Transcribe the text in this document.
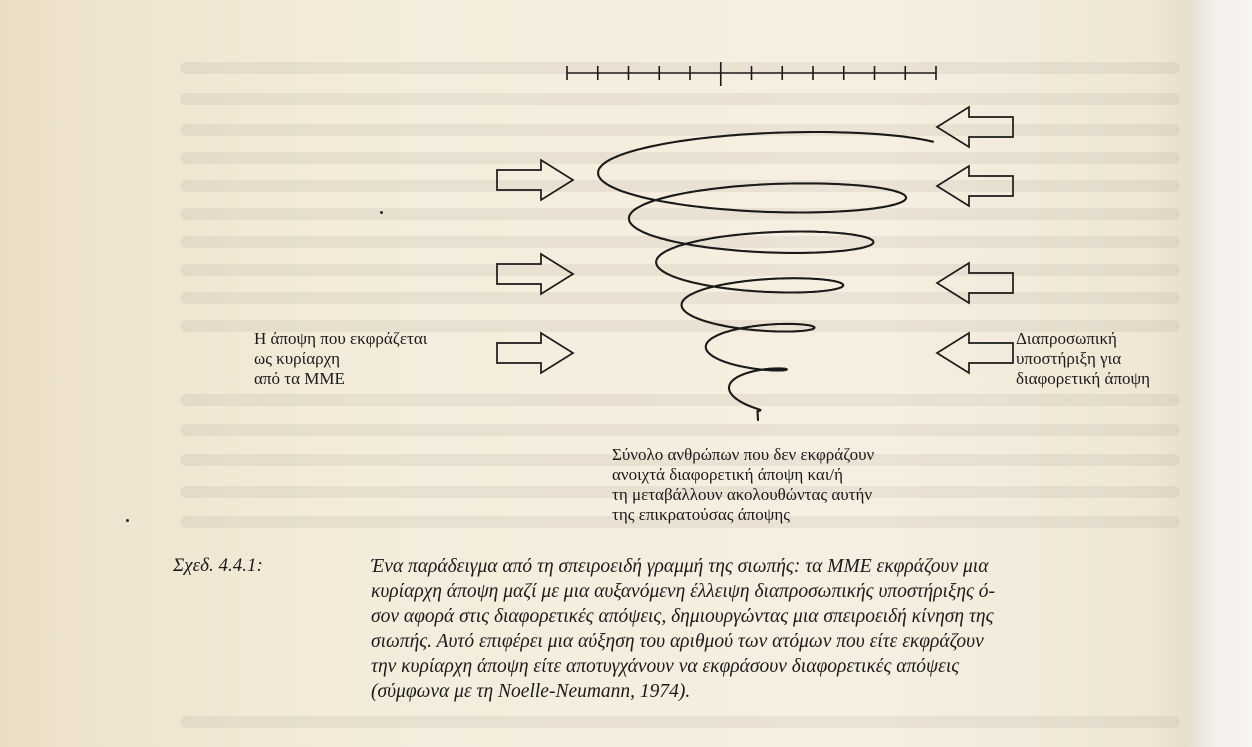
Η άποψη που εκφράζεται
ως κυρίαρχη
από τα ΜΜΕ
Διαπροσωπική
υποστήριξη για
διαφορετική άποψη
Σύνολο ανθρώπων που δεν εκφράζουν
ανοιχτά διαφορετική άποψη και/ή
τη μεταβάλλουν ακολουθώντας αυτήν
της επικρατούσας άποψης
Σχεδ. 4.4.1:	Ένα παράδειγμα από τη σπειροειδή γραμμή της σιωπής: τα ΜΜΕ εκφράζουν μια
κυρίαρχη άποψη μαζί με μια αυξανόμενη έλλειψη διαπροσωπικής υποστήριξης ό-
σον αφορά στις διαφορετικές απόψεις, δημιουργώντας μια σπειροειδή κίνηση της
σιωπής. Αυτό επιφέρει μια αύξηση του αριθμού των ατόμων που είτε εκφράζουν
την κυρίαρχη άποψη είτε αποτυγχάνουν να εκφράσουν διαφορετικές απόψεις
(σύμφωνα με τη Noelle-Neumann, 1974).
